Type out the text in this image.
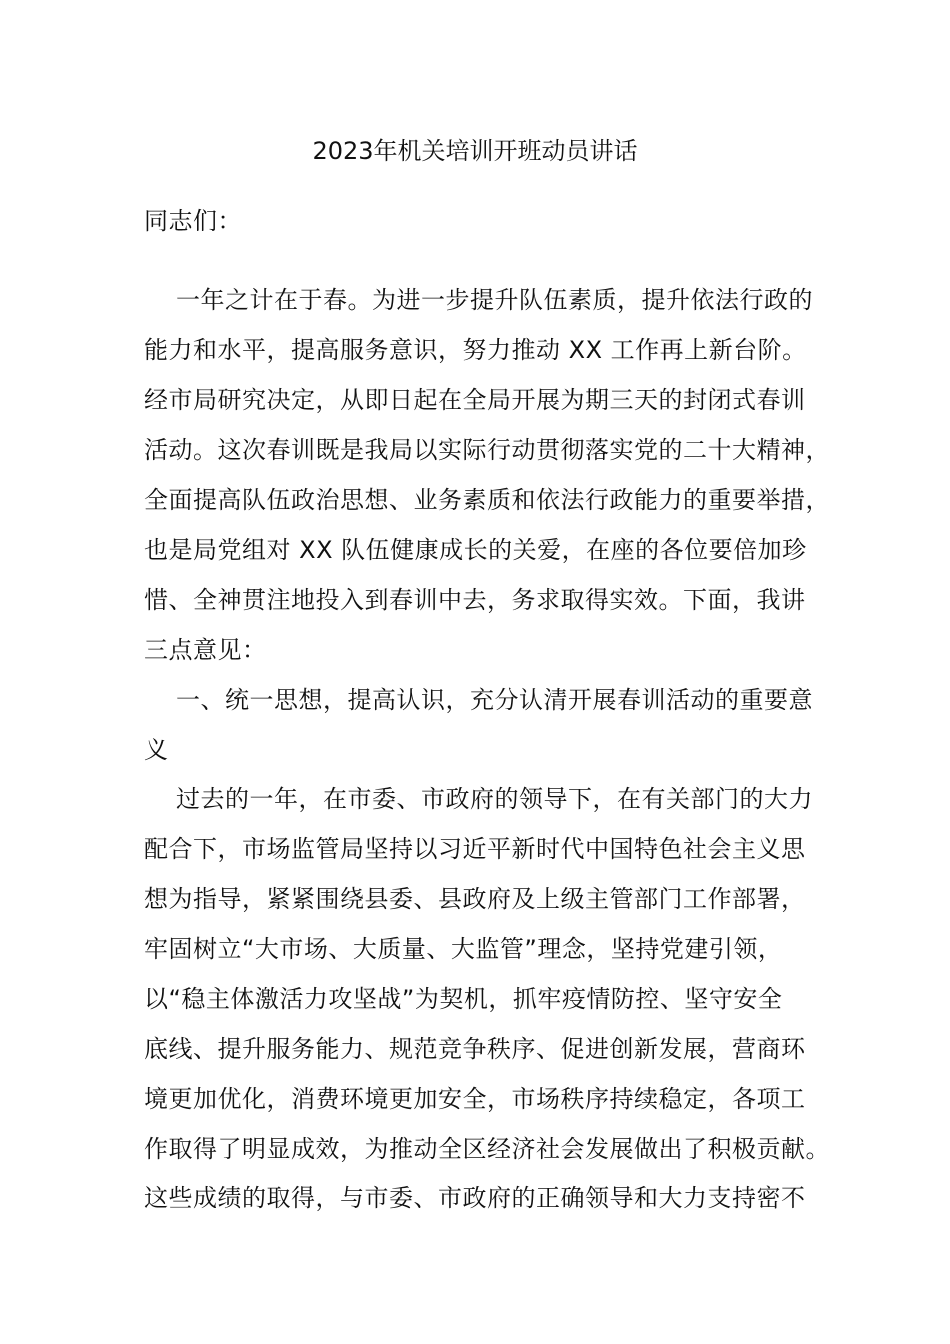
2023年机关培训开班动员讲话
同志们：
一年之计在于春。为进一步提升队伍素质，提升依法行政的
能力和水平，提高服务意识，努力推动 XX 工作再上新台阶。
经市局研究决定，从即日起在全局开展为期三天的封闭式春训
活动。这次春训既是我局以实际行动贯彻落实党的二十大精神，
全面提高队伍政治思想、业务素质和依法行政能力的重要举措，
也是局党组对 XX 队伍健康成长的关爱，在座的各位要倍加珍
惜、全神贯注地投入到春训中去，务求取得实效。下面，我讲
三点意见：
一、统一思想，提高认识，充分认清开展春训活动的重要意
义
过去的一年，在市委、市政府的领导下，在有关部门的大力
配合下，市场监管局坚持以习近平新时代中国特色社会主义思
想为指导，紧紧围绕县委、县政府及上级主管部门工作部署，
牢固树立“大市场、大质量、大监管”理念，坚持党建引领，
以“稳主体激活力攻坚战”为契机，抓牢疫情防控、坚守安全
底线、提升服务能力、规范竞争秩序、促进创新发展，营商环
境更加优化，消费环境更加安全，市场秩序持续稳定，各项工
作取得了明显成效，为推动全区经济社会发展做出了积极贡献。
这些成绩的取得，与市委、市政府的正确领导和大力支持密不
